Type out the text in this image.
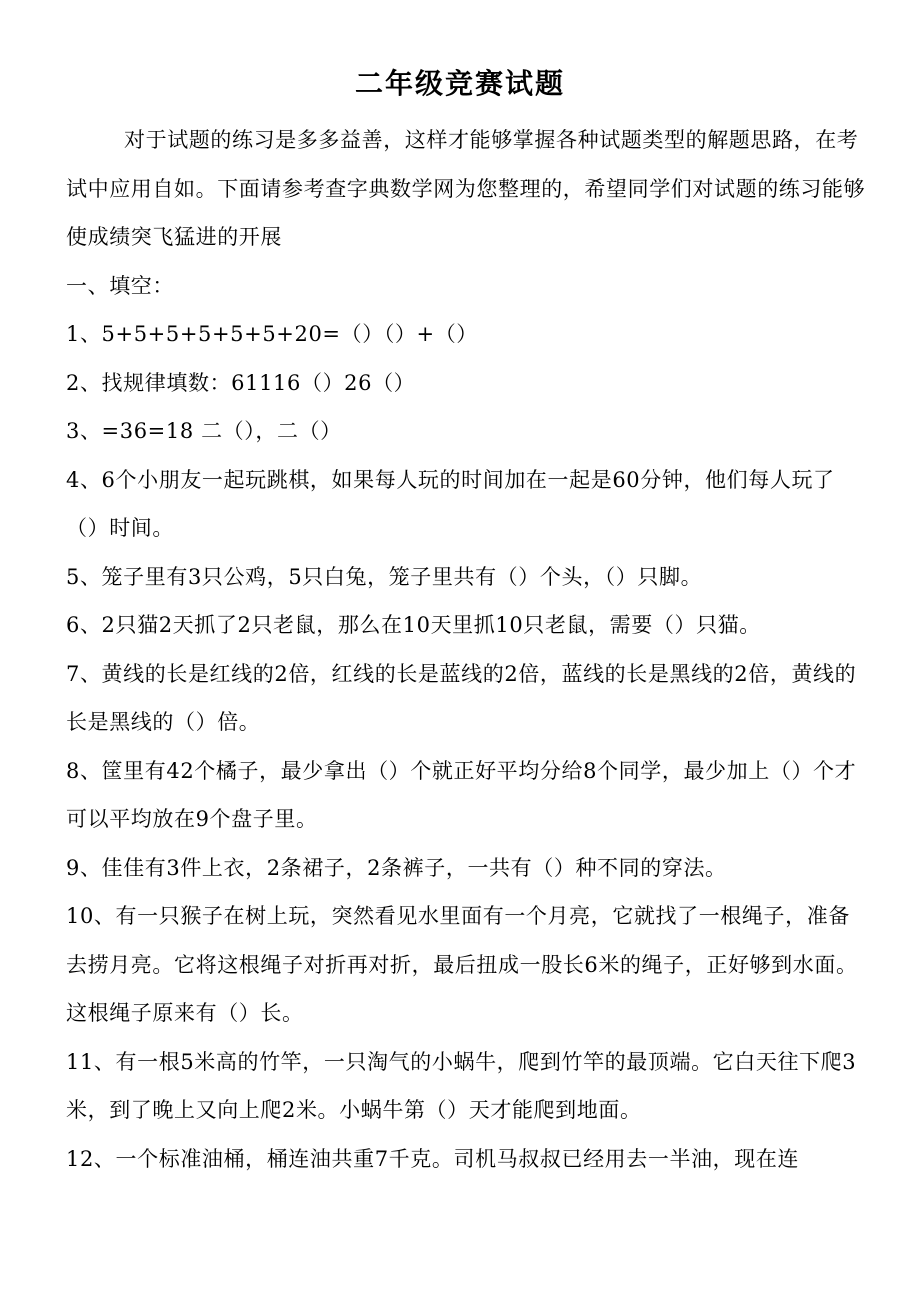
二年级竞赛试题

对于试题的练习是多多益善，这样才能够掌握各种试题类型的解题思路，在考试中应用自如。下面请参考查字典数学网为您整理的，希望同学们对试题的练习能够使成绩突飞猛进的开展

一、填空：

1、5+5+5+5+5+5+20=（）（）+（）

2、找规律填数：61116（）26（）

3、=36=18 二（），二（）

4、6个小朋友一起玩跳棋，如果每人玩的时间加在一起是60分钟，他们每人玩了（）时间。

5、笼子里有3只公鸡，5只白兔，笼子里共有（）个头，（）只脚。

6、2只猫2天抓了2只老鼠，那么在10天里抓10只老鼠，需要（）只猫。

7、黄线的长是红线的2倍，红线的长是蓝线的2倍，蓝线的长是黑线的2倍，黄线的长是黑线的（）倍。

8、筐里有42个橘子，最少拿出（）个就正好平均分给8个同学，最少加上（）个才可以平均放在9个盘子里。

9、佳佳有3件上衣，2条裙子，2条裤子，一共有（）种不同的穿法。

10、有一只猴子在树上玩，突然看见水里面有一个月亮，它就找了一根绳子，准备去捞月亮。它将这根绳子对折再对折，最后扭成一股长6米的绳子，正好够到水面。这根绳子原来有（）长。

11、有一根5米高的竹竿，一只淘气的小蜗牛，爬到竹竿的最顶端。它白天往下爬3米，到了晚上又向上爬2米。小蜗牛第（）天才能爬到地面。

12、一个标准油桶，桶连油共重7千克。司机马叔叔已经用去一半油，现在连
